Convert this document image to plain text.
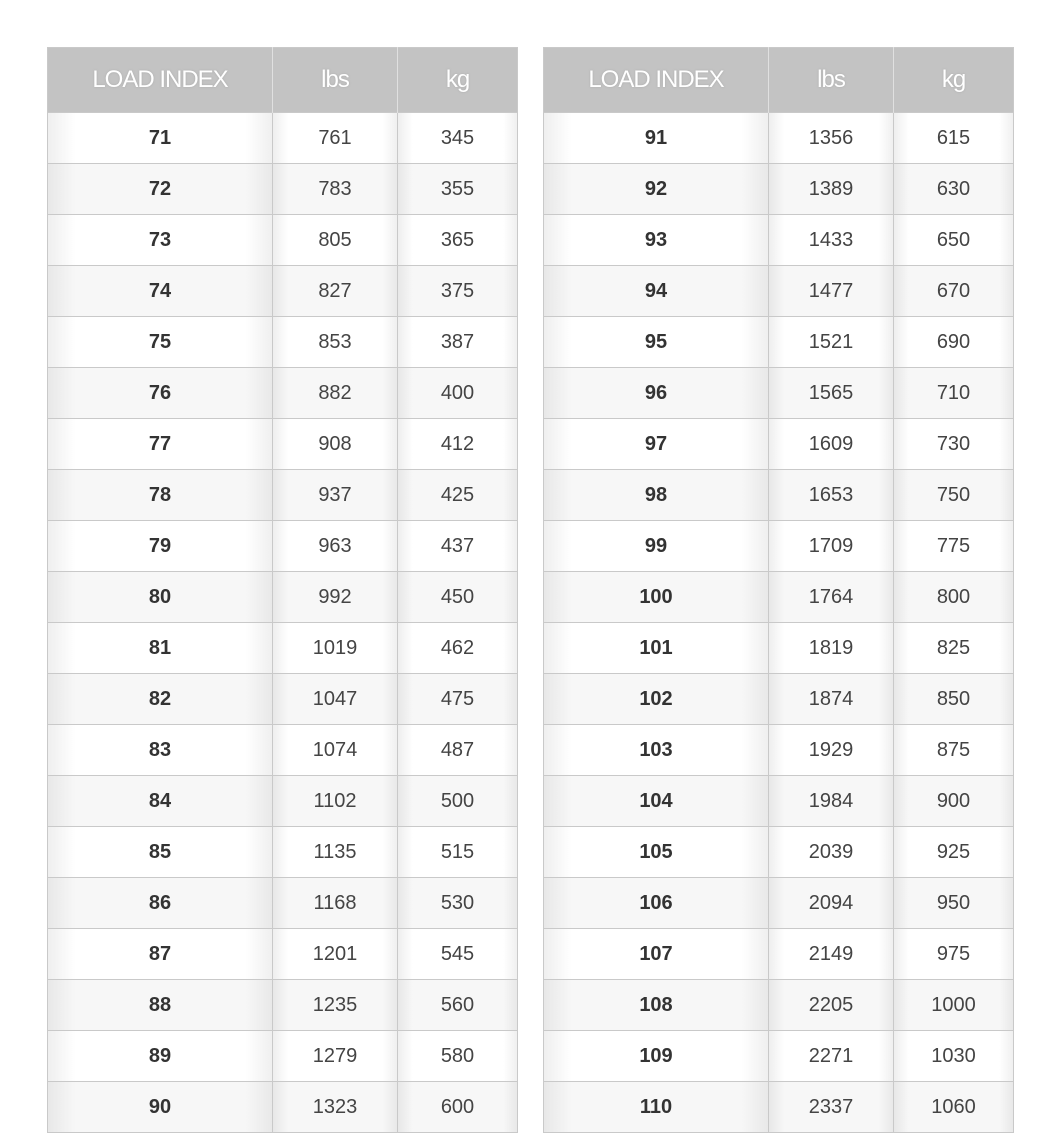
LOAD INDEX	lbs	kg
71	761	345
72	783	355
73	805	365
74	827	375
75	853	387
76	882	400
77	908	412
78	937	425
79	963	437
80	992	450
81	1019	462
82	1047	475
83	1074	487
84	1102	500
85	1135	515
86	1168	530
87	1201	545
88	1235	560
89	1279	580
90	1323	600
LOAD INDEX	lbs	kg
91	1356	615
92	1389	630
93	1433	650
94	1477	670
95	1521	690
96	1565	710
97	1609	730
98	1653	750
99	1709	775
100	1764	800
101	1819	825
102	1874	850
103	1929	875
104	1984	900
105	2039	925
106	2094	950
107	2149	975
108	2205	1000
109	2271	1030
110	2337	1060
